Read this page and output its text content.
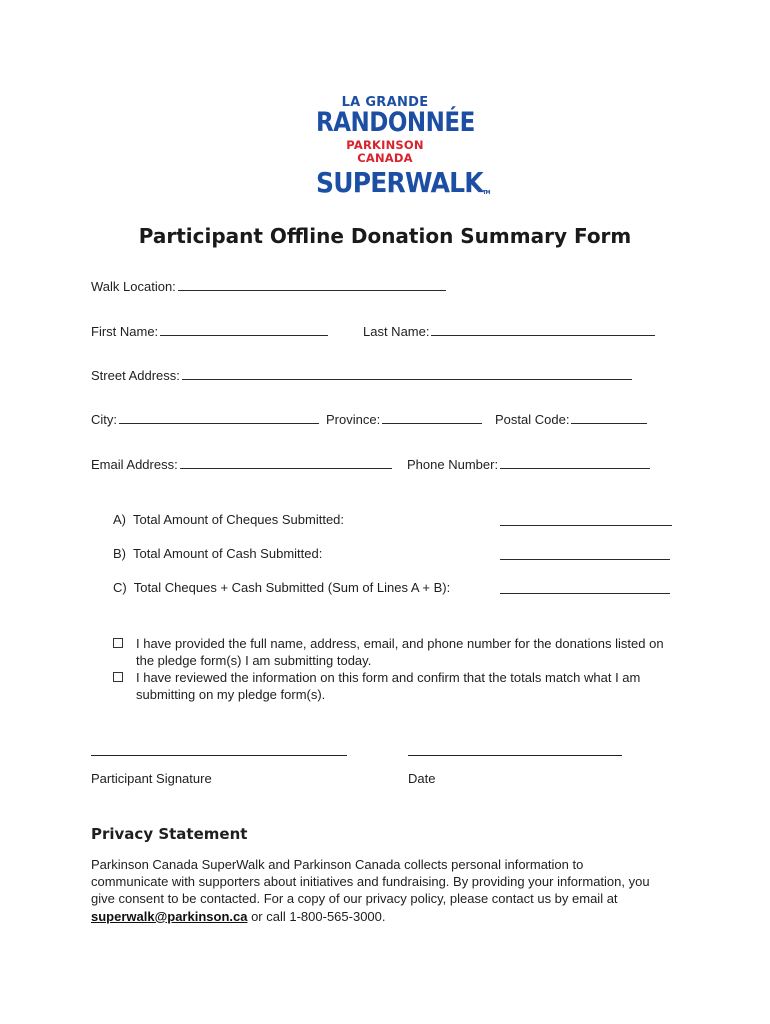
LA GRANDE
RANDONNÉE
PARKINSON
CANADA
SUPERWALKTM
Participant Offline Donation Summary Form
Walk Location:
First Name:	Last Name:
Street Address:
City:	Province:	Postal Code:
Email Address:	Phone Number:
A) Total Amount of Cheques Submitted:
B) Total Amount of Cash Submitted:
C) Total Cheques + Cash Submitted (Sum of Lines A + B):
I have provided the full name, address, email, and phone number for the donations listed on the pledge form(s) I am submitting today.
I have reviewed the information on this form and confirm that the totals match what I am submitting on my pledge form(s).
Participant Signature	Date
Privacy Statement
Parkinson Canada SuperWalk and Parkinson Canada collects personal information to communicate with supporters about initiatives and fundraising. By providing your information, you give consent to be contacted. For a copy of our privacy policy, please contact us by email at superwalk@parkinson.ca or call 1-800-565-3000.
